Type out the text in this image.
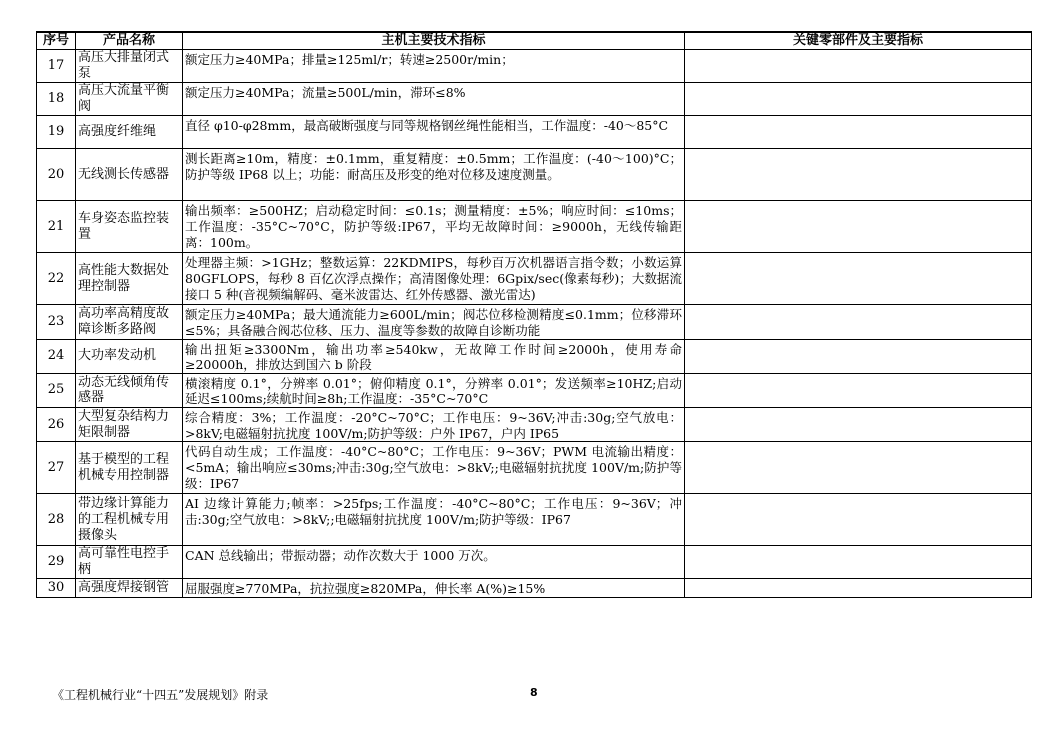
序号	产品名称	主机主要技术指标	关键零部件及主要指标
17	高压大排量闭式泵	额定压力≥40MPa；排量≥125ml/r；转速≥2500r/min；	
18	高压大流量平衡阀	额定压力≥40MPa；流量≥500L/min，滞环≤8%	
19	高强度纤维绳	直径 φ10-φ28mm，最高破断强度与同等规格钢丝绳性能相当，工作温度：-40～85°C	
20	无线测长传感器	测长距离≥10m，精度：±0.1mm，重复精度：±0.5mm；工作温度：(-40～100)°C；防护等级 IP68 以上；功能：耐高压及形变的绝对位移及速度测量。	
21	车身姿态监控装置	输出频率：≥500HZ；启动稳定时间：≤0.1s；测量精度：±5%；响应时间：≤10ms；工作温度：-35°C~70°C，防护等级:IP67，平均无故障时间：≥9000h，无线传输距离：100m。	
22	高性能大数据处理控制器	处理器主频：>1GHz；整数运算：22KDMIPS，每秒百万次机器语言指令数；小数运算 80GFLOPS，每秒 8 百亿次浮点操作；高清图像处理：6Gpix/sec(像素每秒)；大数据流接口 5 种(音视频编解码、毫米波雷达、红外传感器、激光雷达)	
23	高功率高精度故障诊断多路阀	额定压力≥40MPa；最大通流能力≥600L/min；阀芯位移检测精度≤0.1mm；位移滞环≤5%；具备融合阀芯位移、压力、温度等参数的故障自诊断功能	
24	大功率发动机	输出扭矩≥3300Nm，输出功率≥540kw，无故障工作时间≥2000h，使用寿命≥20000h，排放达到国六 b 阶段	
25	动态无线倾角传感器	横滚精度 0.1°，分辨率 0.01°；俯仰精度 0.1°，分辨率 0.01°；发送频率≥10HZ;启动延迟≤100ms;续航时间≥8h;工作温度：-35°C~70°C	
26	大型复杂结构力矩限制器	综合精度：3%；工作温度：-20°C~70°C；工作电压：9~36V;冲击:30g;空气放电：>8kV;电磁辐射抗扰度 100V/m;防护等级：户外 IP67，户内 IP65	
27	基于模型的工程机械专用控制器	代码自动生成；工作温度：-40°C~80°C；工作电压：9~36V；PWM 电流输出精度：<5mA；输出响应≤30ms;冲击:30g;空气放电：>8kV;;电磁辐射抗扰度 100V/m;防护等级：IP67	
28	带边缘计算能力的工程机械专用摄像头	AI 边缘计算能力;帧率：>25fps;工作温度：-40°C~80°C；工作电压：9~36V；冲击:30g;空气放电：>8kV;;电磁辐射抗扰度 100V/m;防护等级：IP67	
29	高可靠性电控手柄	CAN 总线输出；带振动器；动作次数大于 1000 万次。	
30	高强度焊接钢管	屈服强度≥770MPa，抗拉强度≥820MPa，伸长率 A(%)≥15%	
《工程机械行业“十四五”发展规划》附录	8
